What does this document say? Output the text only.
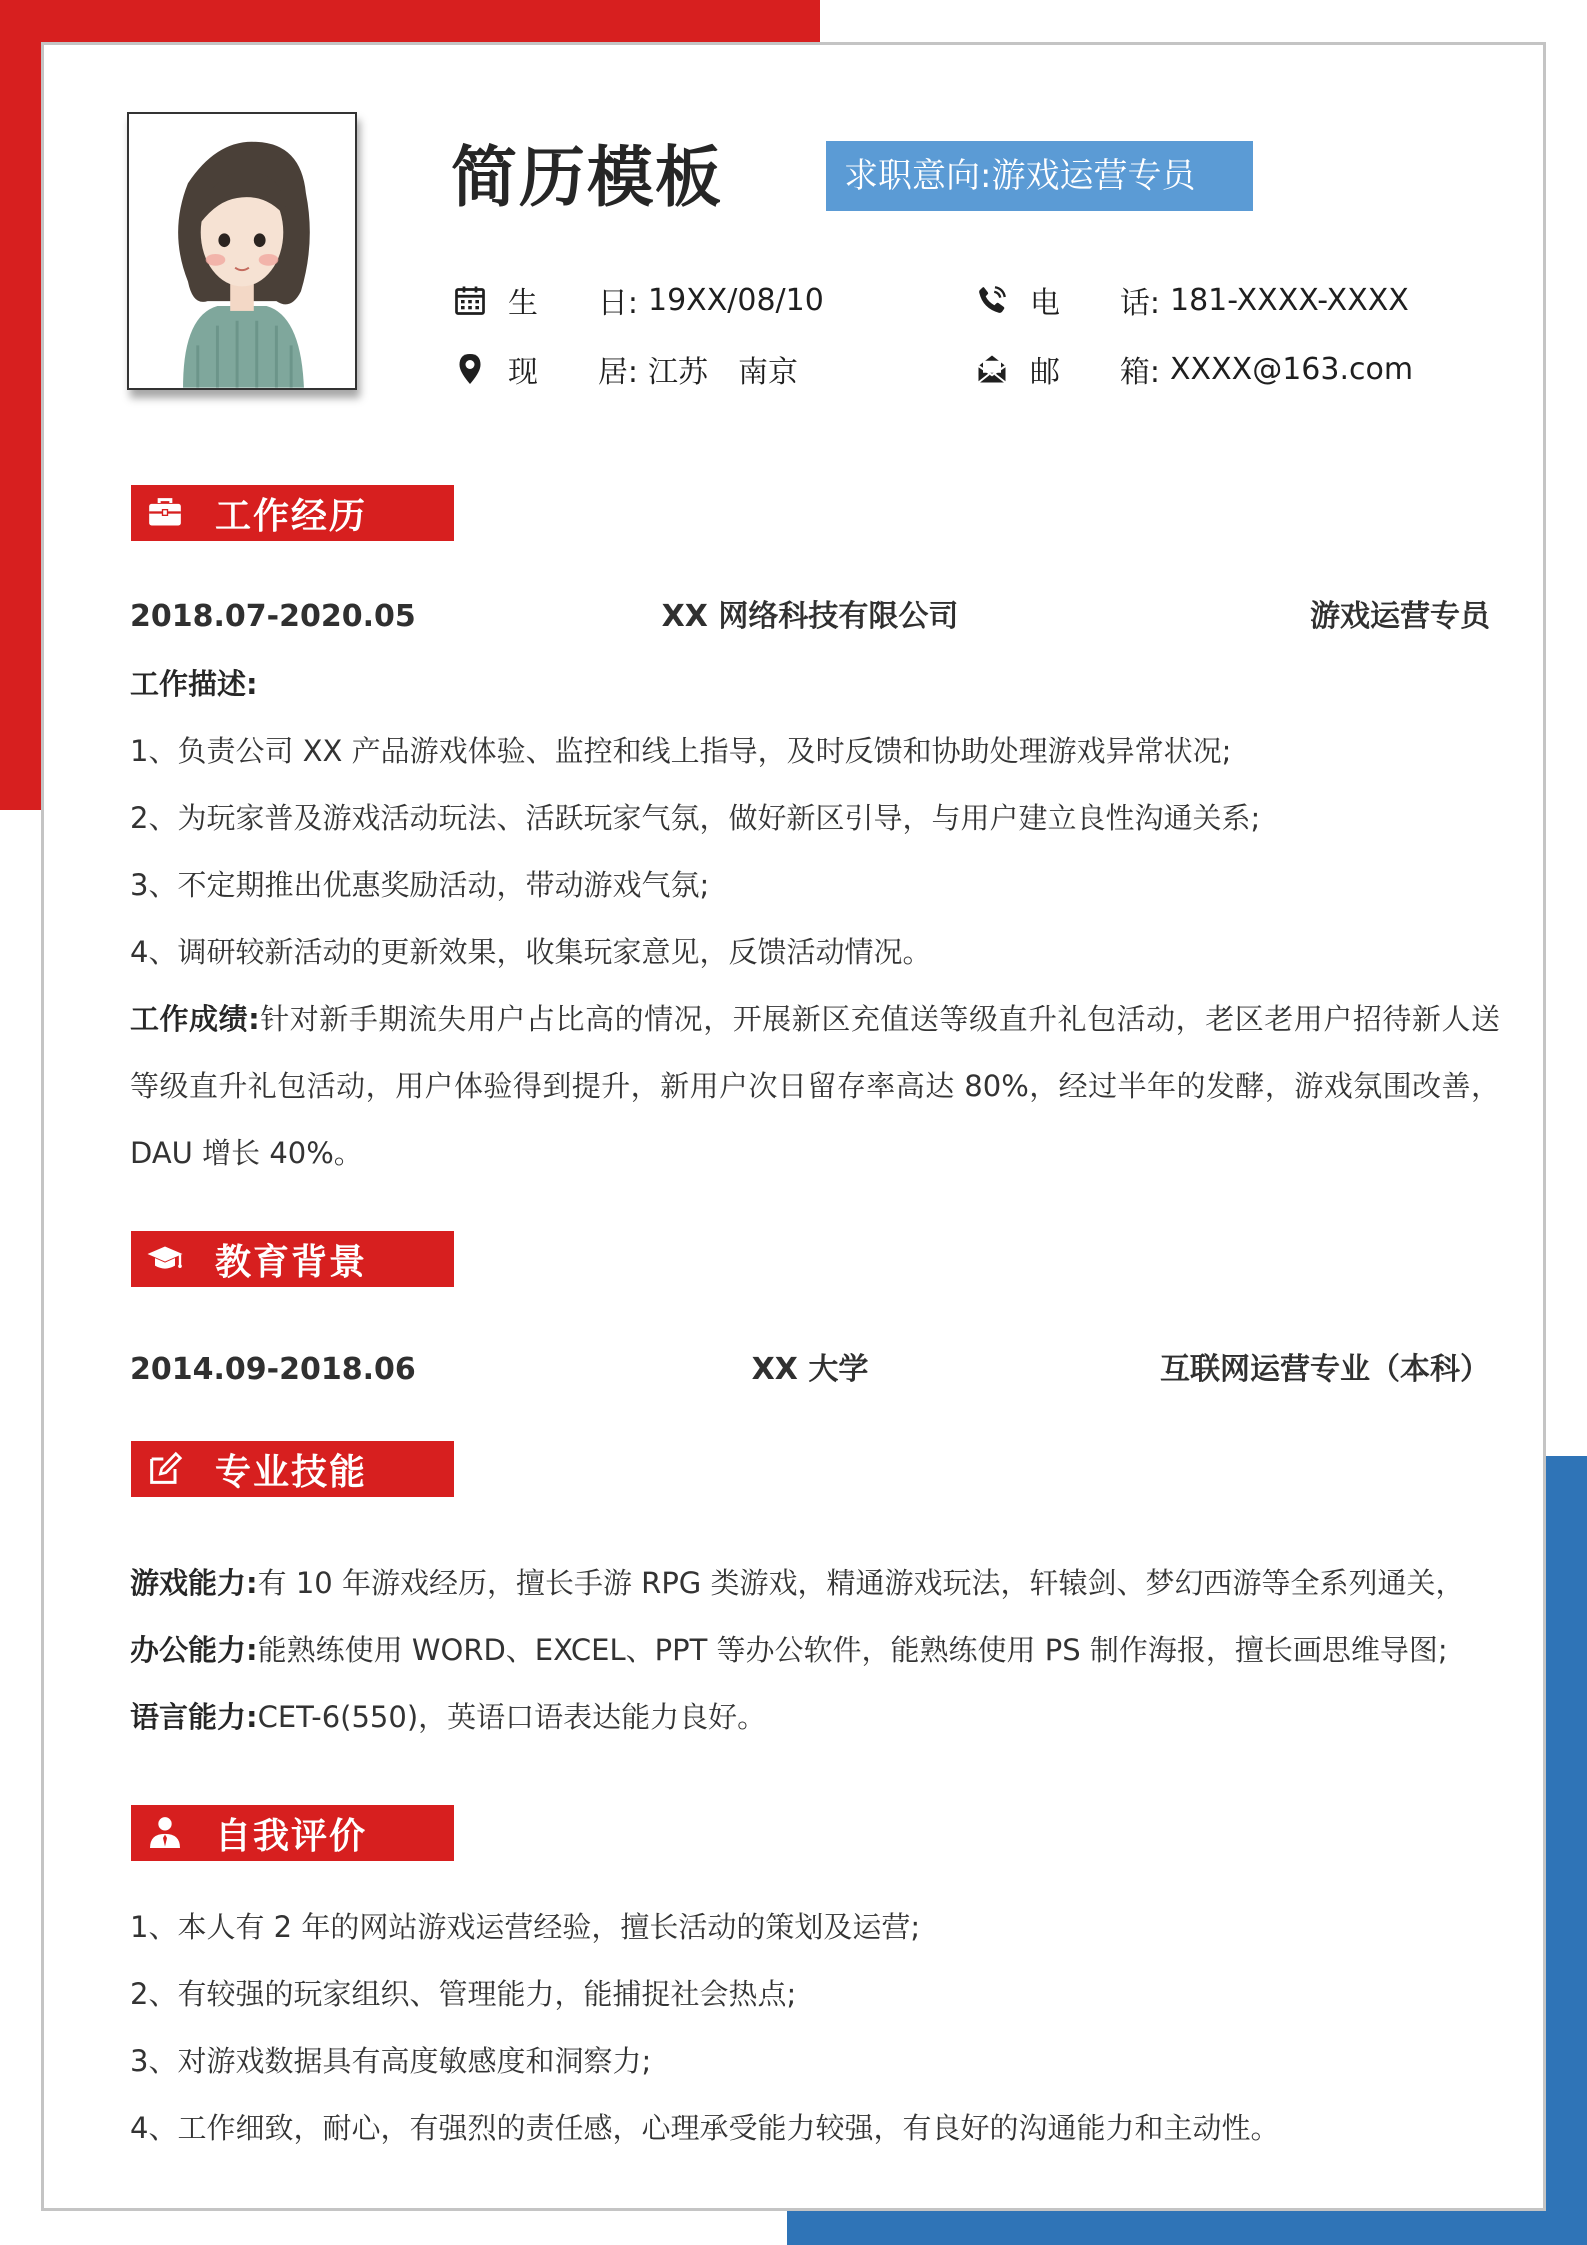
简历模板	求职意向:游戏运营专员
生 日: 19XX/08/10	电 话: 181-XXXX-XXXX
现 居: 江苏　南京	邮 箱: XXXX@163.com
工作经历
2018.07-2020.05	XX 网络科技有限公司	游戏运营专员
工作描述:
1、负责公司 XX 产品游戏体验、监控和线上指导，及时反馈和协助处理游戏异常状况;
2、为玩家普及游戏活动玩法、活跃玩家气氛，做好新区引导，与用户建立良性沟通关系;
3、不定期推出优惠奖励活动，带动游戏气氛;
4、调研较新活动的更新效果，收集玩家意见，反馈活动情况。
工作成绩:针对新手期流失用户占比高的情况，开展新区充值送等级直升礼包活动，老区老用户招待新人送等级直升礼包活动，用户体验得到提升，新用户次日留存率高达 80%，经过半年的发酵，游戏氛围改善，DAU 增长 40%。
教育背景
2014.09-2018.06	XX 大学	互联网运营专业（本科）
专业技能
游戏能力:有 10 年游戏经历，擅长手游 RPG 类游戏，精通游戏玩法，轩辕剑、梦幻西游等全系列通关，
办公能力:能熟练使用 WORD、EXCEL、PPT 等办公软件，能熟练使用 PS 制作海报，擅长画思维导图;
语言能力:CET-6(550)，英语口语表达能力良好。
自我评价
1、本人有 2 年的网站游戏运营经验，擅长活动的策划及运营;
2、有较强的玩家组织、管理能力，能捕捉社会热点;
3、对游戏数据具有高度敏感度和洞察力;
4、工作细致，耐心，有强烈的责任感，心理承受能力较强，有良好的沟通能力和主动性。
